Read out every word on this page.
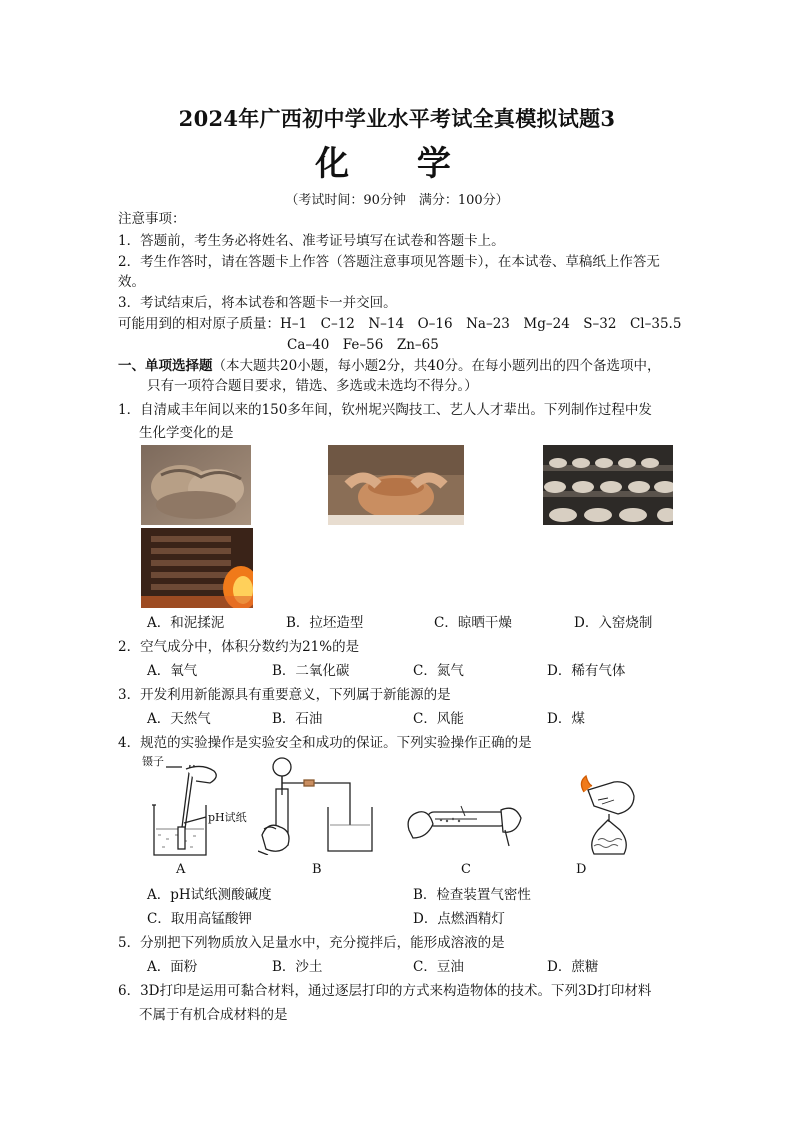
2024年广西初中学业水平考试全真模拟试题3
化 学
（考试时间：90分钟　满分：100分）
注意事项：
1．答题前，考生务必将姓名、准考证号填写在试卷和答题卡上。
2．考生作答时，请在答题卡上作答（答题注意事项见答题卡），在本试卷、草稿纸上作答无
效。
3．考试结束后，将本试卷和答题卡一并交回。
可能用到的相对原子质量：H–1　C–12　N–14　O–16　Na–23　Mg–24　S–32　Cl–35.5
Ca–40　Fe–56　Zn–65
一、单项选择题（本大题共20小题，每小题2分，共40分。在每小题列出的四个备选项中，
只有一项符合题目要求，错选、多选或未选均不得分。）
1．自清咸丰年间以来的150多年间，钦州坭兴陶技工、艺人人才辈出。下列制作过程中发
生化学变化的是
A．和泥揉泥	B．拉坯造型	C．晾晒干燥	D．入窑烧制
2．空气成分中，体积分数约为21%的是
A．氧气	B．二氧化碳	C．氮气	D．稀有气体
3．开发利用新能源具有重要意义，下列属于新能源的是
A．天然气	B．石油	C．风能	D．煤
4．规范的实验操作是实验安全和成功的保证。下列实验操作正确的是
镊子
pH试纸
A	B	C	D
A．pH试纸测酸碱度	B．检查装置气密性
C．取用高锰酸钾	D．点燃酒精灯
5．分别把下列物质放入足量水中，充分搅拌后，能形成溶液的是
A．面粉	B．沙土	C．豆油	D．蔗糖
6．3D打印是运用可黏合材料，通过逐层打印的方式来构造物体的技术。下列3D打印材料
不属于有机合成材料的是
